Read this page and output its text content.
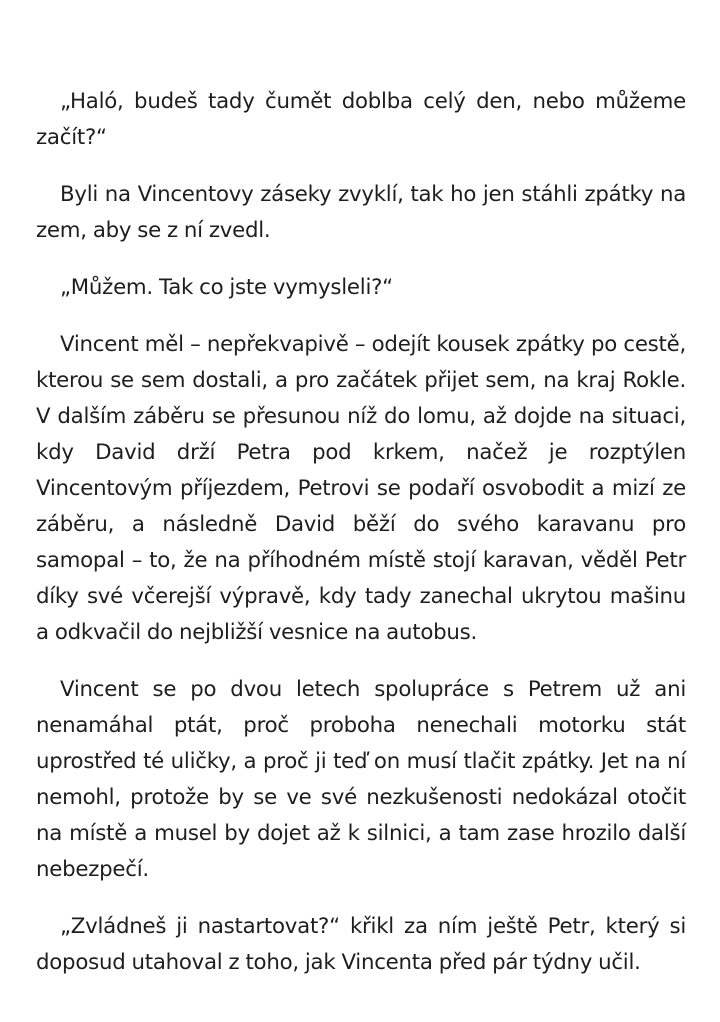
„Haló, budeš tady čumět doblba celý den, nebo můžeme začít?“

Byli na Vincentovy záseky zvyklí, tak ho jen stáhli zpátky na zem, aby se z ní zvedl.

„Můžem. Tak co jste vymysleli?“

Vincent měl – nepřekvapivě – odejít kousek zpátky po cestě, kterou se sem dostali, a pro začátek přijet sem, na kraj Rokle. V dalším záběru se přesunou níž do lomu, až dojde na situaci, kdy David drží Petra pod krkem, načež je rozptýlen Vincentovým příjezdem, Petrovi se podaří osvobodit a mizí ze záběru, a následně David běží do svého karavanu pro samopal – to, že na příhodném místě stojí karavan, věděl Petr díky své včerejší výpravě, kdy tady zanechal ukrytou mašinu a odkvačil do nejbližší vesnice na autobus.

Vincent se po dvou letech spolupráce s Petrem už ani nenamáhal ptát, proč proboha nenechali motorku stát uprostřed té uličky, a proč ji teď on musí tlačit zpátky. Jet na ní nemohl, protože by se ve své nezkušenosti nedokázal otočit na místě a musel by dojet až k silnici, a tam zase hrozilo další nebezpečí.

„Zvládneš ji nastartovat?“ křikl za ním ještě Petr, který si doposud utahoval z toho, jak Vincenta před pár týdny učil.
